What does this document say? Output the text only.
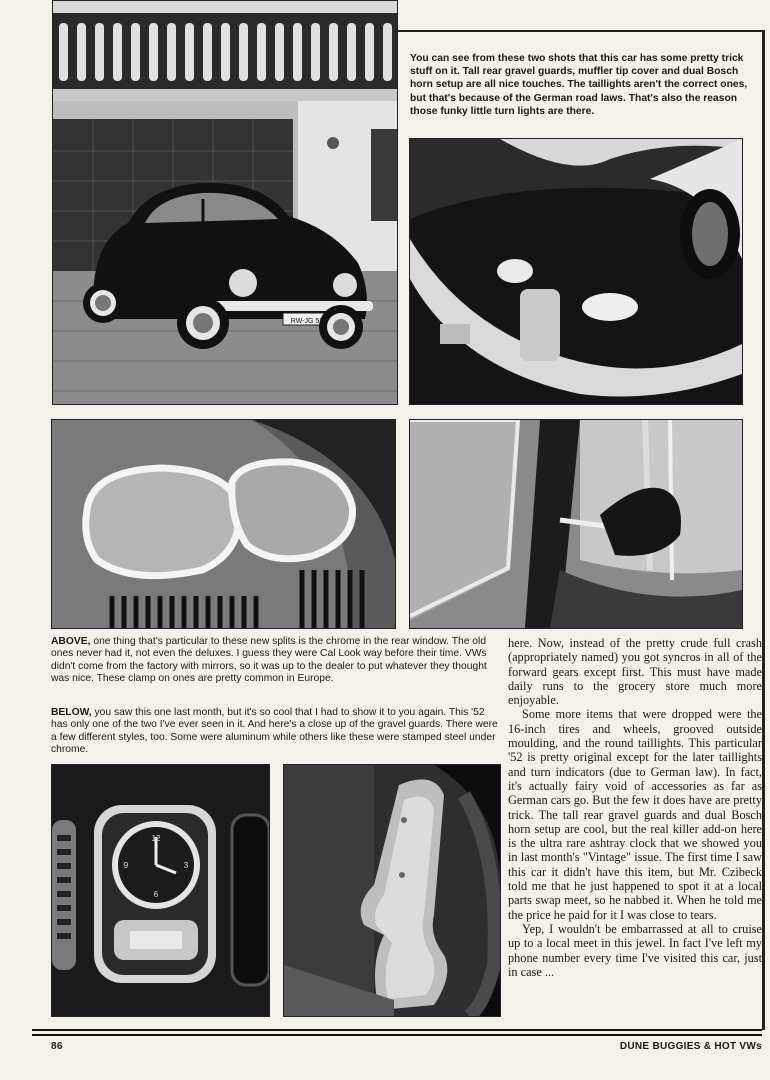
RW-JG 52
You can see from these two shots that this car has some pretty trick stuff on it. Tall rear gravel guards, muffler tip cover and dual Bosch horn setup are all nice touches. The taillights aren't the correct ones, but that's because of the German road laws. That's also the reason those funky little turn lights are there.
ABOVE, one thing that's particular to these new splits is the chrome in the rear window. The old ones never had it, not even the deluxes. I guess they were Cal Look way before their time. VWs didn't come from the factory with mirrors, so it was up to the dealer to put whatever they thought was nice. These clamp on ones are pretty common in Europe.
BELOW, you saw this one last month, but it's so cool that I had to show it to you again. This '52 has only one of the two I've ever seen in it. And here's a close up of the gravel guards. There were a few different styles, too. Some were aluminum while others like these were stamped steel under chrome.
12
3
6
9

here. Now, instead of the pretty crude full crash (appropriately named) you got syncros in all of the forward gears except first. This must have made daily runs to the grocery store much more enjoyable.

Some more items that were dropped were the 16-inch tires and wheels, grooved outside moulding, and the round taillights. This particular '52 is pretty original except for the later taillights and turn indicators (due to German law). In fact, it's actually fairy void of accessories as far as German cars go. But the few it does have are pretty trick. The tall rear gravel guards and dual Bosch horn setup are cool, but the real killer add-on here is the ultra rare ashtray clock that we showed you in last month's "Vintage" issue. The first time I saw this car it didn't have this item, but Mr. Czibeck told me that he just happened to spot it at a local parts swap meet, so he nabbed it. When he told me the price he paid for it I was close to tears.

Yep, I wouldn't be embarrassed at all to cruise up to a local meet in this jewel. In fact I've left my phone number every time I've visited this car, just in case ...

86	DUNE BUGGIES & HOT VWs
